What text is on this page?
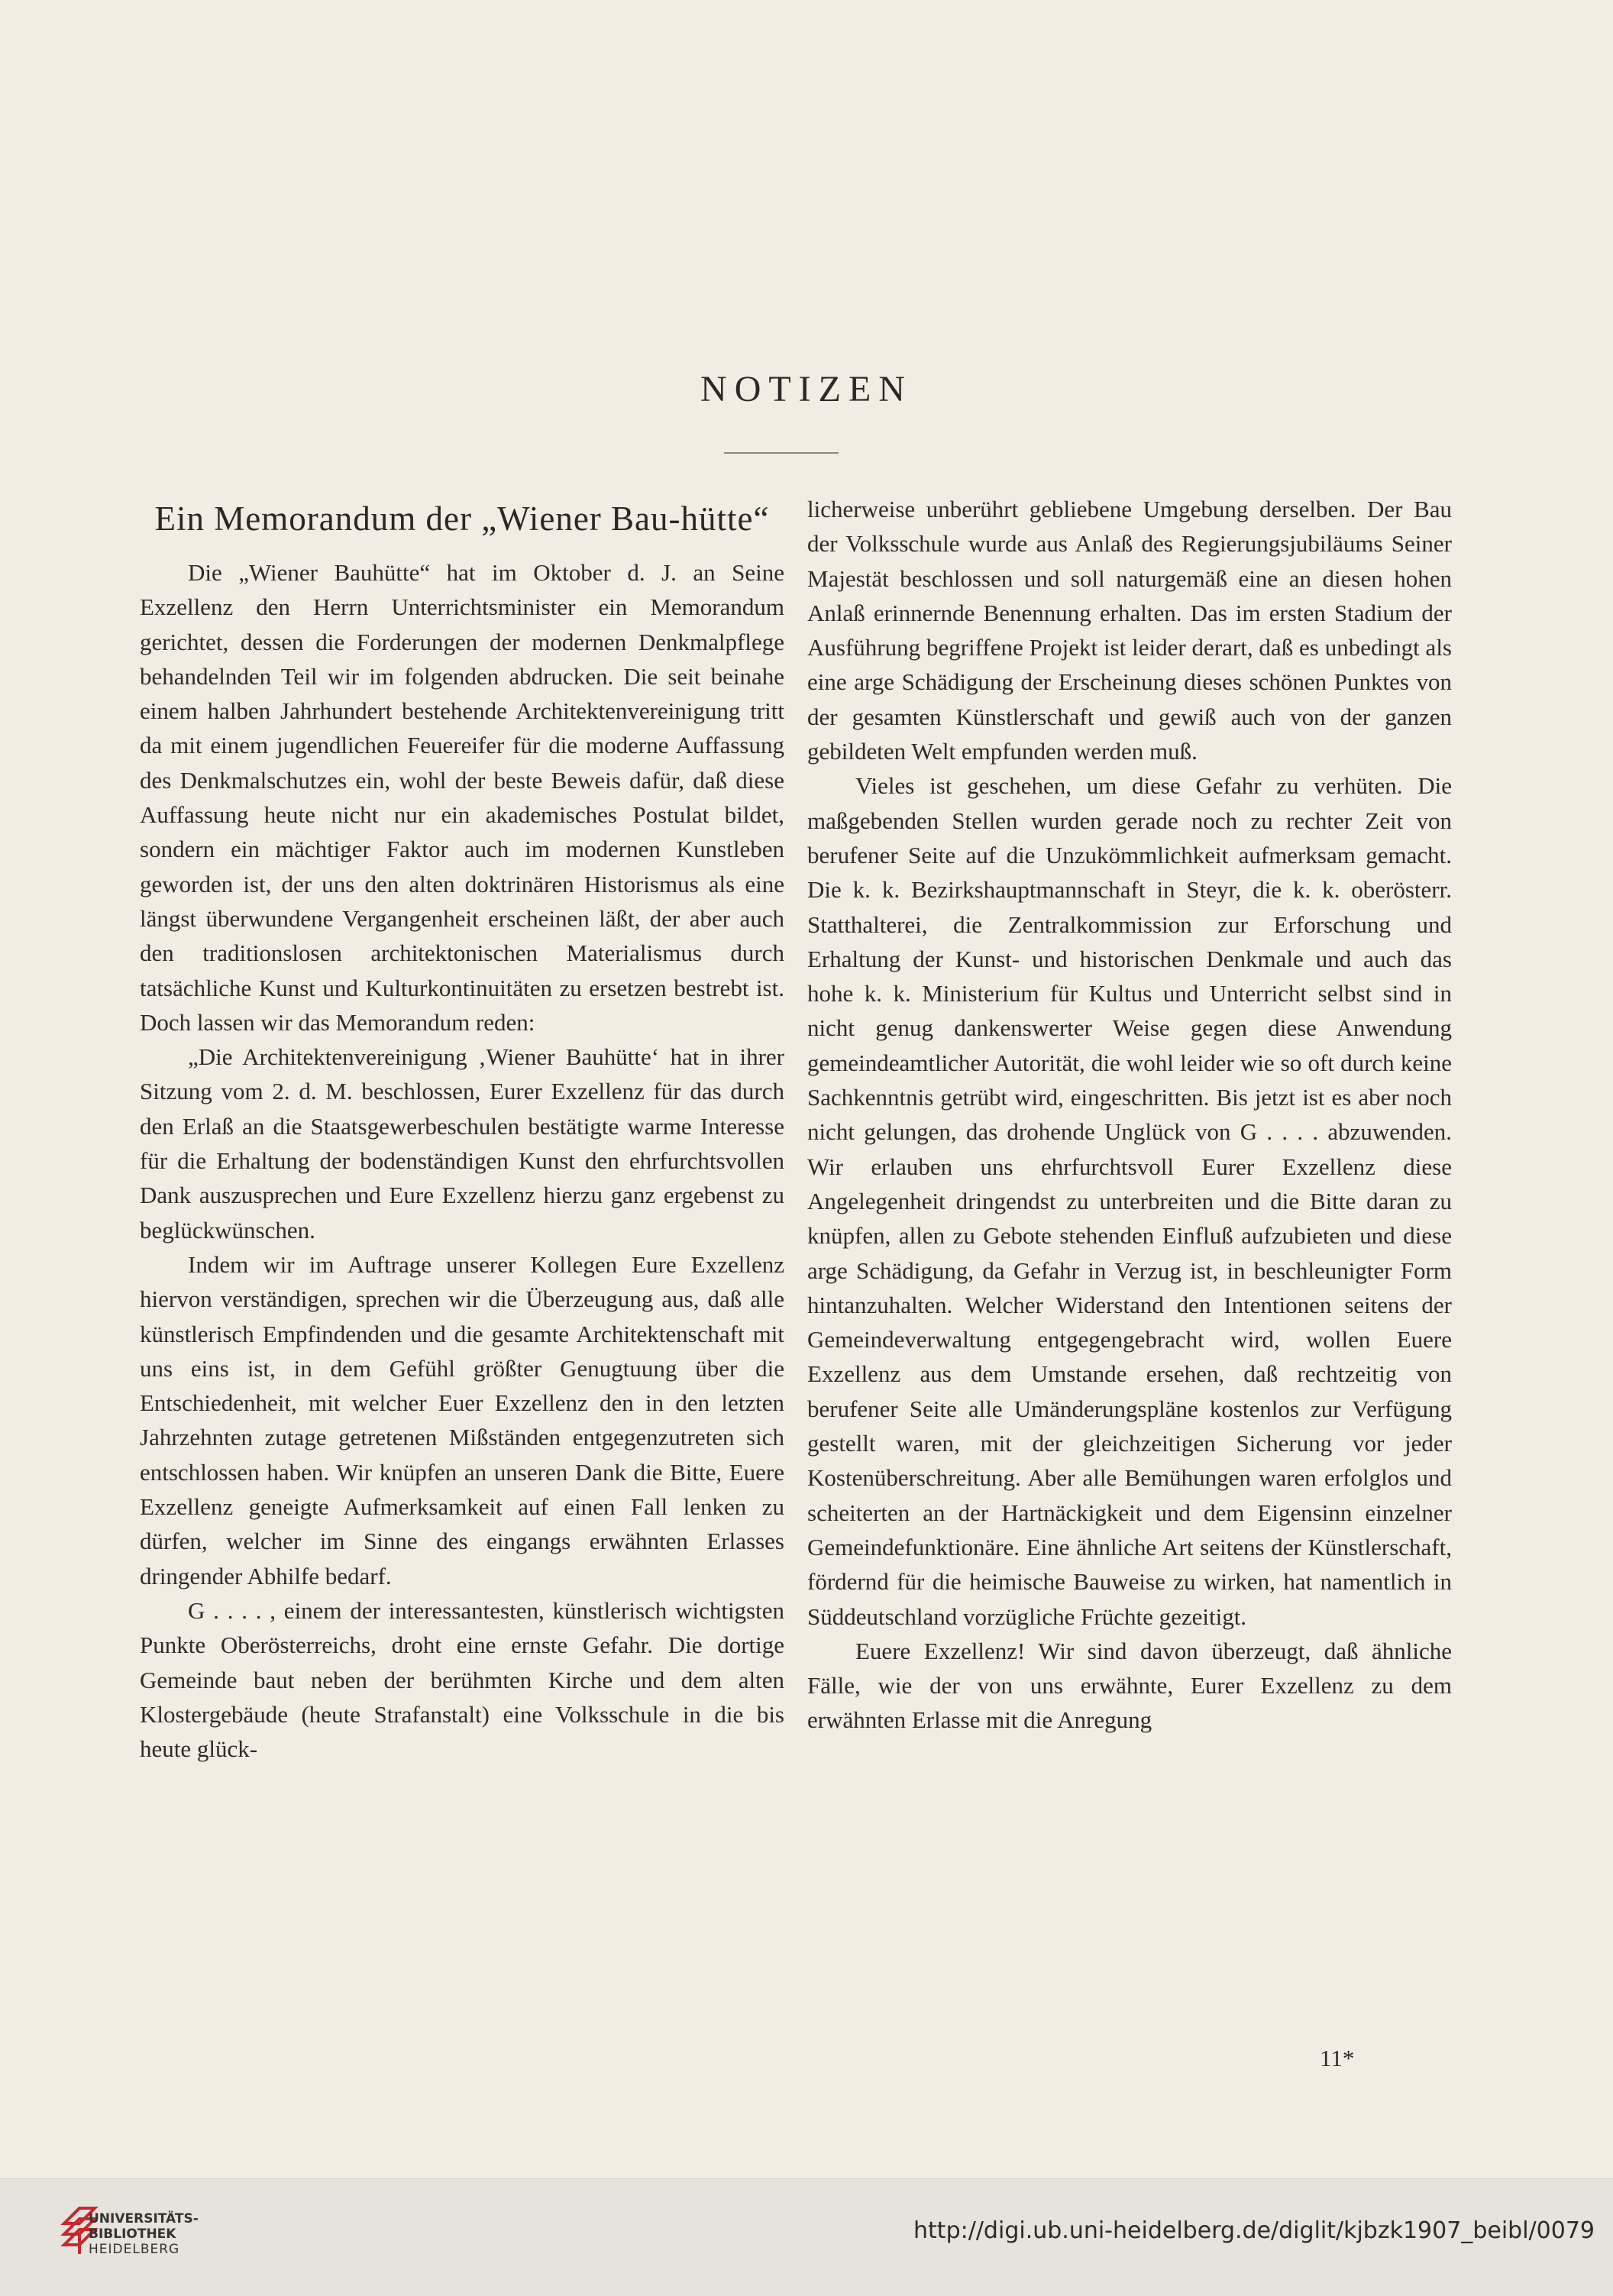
NOTIZEN
Ein Memorandum der „Wiener Bau-hütte“

Die „Wiener Bauhütte“ hat im Oktober d. J. an Seine Exzellenz den Herrn Unterrichtsminister ein Memorandum gerichtet, dessen die Forderungen der modernen Denkmalpflege behandelnden Teil wir im folgenden abdrucken. Die seit beinahe einem halben Jahrhundert bestehende Architektenvereinigung tritt da mit einem jugendlichen Feuereifer für die moderne Auffassung des Denkmalschutzes ein, wohl der beste Beweis dafür, daß diese Auffassung heute nicht nur ein akademisches Postulat bildet, sondern ein mächtiger Faktor auch im modernen Kunstleben geworden ist, der uns den alten doktrinären Historismus als eine längst überwundene Vergangenheit erscheinen läßt, der aber auch den traditionslosen architektonischen Materialismus durch tatsächliche Kunst und Kulturkontinuitäten zu ersetzen bestrebt ist. Doch lassen wir das Memorandum reden:

„Die Architektenvereinigung ‚Wiener Bauhütte‘ hat in ihrer Sitzung vom 2. d. M. beschlossen, Eurer Exzellenz für das durch den Erlaß an die Staatsgewerbeschulen bestätigte warme Interesse für die Erhaltung der bodenständigen Kunst den ehrfurchtsvollen Dank auszusprechen und Eure Exzellenz hierzu ganz ergebenst zu beglückwünschen.

Indem wir im Auftrage unserer Kollegen Eure Exzellenz hiervon verständigen, sprechen wir die Überzeugung aus, daß alle künstlerisch Empfindenden und die gesamte Architektenschaft mit uns eins ist, in dem Gefühl größter Genugtuung über die Entschiedenheit, mit welcher Euer Exzellenz den in den letzten Jahrzehnten zutage getretenen Mißständen entgegenzutreten sich entschlossen haben. Wir knüpfen an unseren Dank die Bitte, Euere Exzellenz geneigte Aufmerksamkeit auf einen Fall lenken zu dürfen, welcher im Sinne des eingangs erwähnten Erlasses dringender Abhilfe bedarf.

G . . . . , einem der interessantesten, künstlerisch wichtigsten Punkte Oberösterreichs, droht eine ernste Gefahr. Die dortige Gemeinde baut neben der berühmten Kirche und dem alten Klostergebäude (heute Strafanstalt) eine Volksschule in die bis heute glück-

licherweise unberührt gebliebene Umgebung derselben. Der Bau der Volksschule wurde aus Anlaß des Regierungsjubiläums Seiner Majestät beschlossen und soll naturgemäß eine an diesen hohen Anlaß erinnernde Benennung erhalten. Das im ersten Stadium der Ausführung begriffene Projekt ist leider derart, daß es unbedingt als eine arge Schädigung der Erscheinung dieses schönen Punktes von der gesamten Künstlerschaft und gewiß auch von der ganzen gebildeten Welt empfunden werden muß.

Vieles ist geschehen, um diese Gefahr zu verhüten. Die maßgebenden Stellen wurden gerade noch zu rechter Zeit von berufener Seite auf die Unzukömmlichkeit aufmerksam gemacht. Die k. k. Bezirkshauptmannschaft in Steyr, die k. k. oberösterr. Statthalterei, die Zentralkommission zur Erforschung und Erhaltung der Kunst- und historischen Denkmale und auch das hohe k. k. Ministerium für Kultus und Unterricht selbst sind in nicht genug dankenswerter Weise gegen diese Anwendung gemeindeamtlicher Autorität, die wohl leider wie so oft durch keine Sachkenntnis getrübt wird, eingeschritten. Bis jetzt ist es aber noch nicht gelungen, das drohende Unglück von G . . . . abzuwenden. Wir erlauben uns ehrfurchtsvoll Eurer Exzellenz diese Angelegenheit dringendst zu unterbreiten und die Bitte daran zu knüpfen, allen zu Gebote stehenden Einfluß aufzubieten und diese arge Schädigung, da Gefahr in Verzug ist, in beschleunigter Form hintanzuhalten. Welcher Widerstand den Intentionen seitens der Gemeindeverwaltung entgegengebracht wird, wollen Euere Exzellenz aus dem Umstande ersehen, daß rechtzeitig von berufener Seite alle Umänderungspläne kostenlos zur Verfügung gestellt waren, mit der gleichzeitigen Sicherung vor jeder Kostenüberschreitung. Aber alle Bemühungen waren erfolglos und scheiterten an der Hartnäckigkeit und dem Eigensinn einzelner Gemeindefunktionäre. Eine ähnliche Art seitens der Künstlerschaft, fördernd für die heimische Bauweise zu wirken, hat namentlich in Süddeutschland vorzügliche Früchte gezeitigt.

Euere Exzellenz! Wir sind davon überzeugt, daß ähnliche Fälle, wie der von uns erwähnte, Eurer Exzellenz zu dem erwähnten Erlasse mit die Anregung

11*
UNIVERSITÄTS-
BIBLIOTHEK
HEIDELBERG
http://digi.ub.uni-heidelberg.de/diglit/kjbzk1907_beibl/0079
